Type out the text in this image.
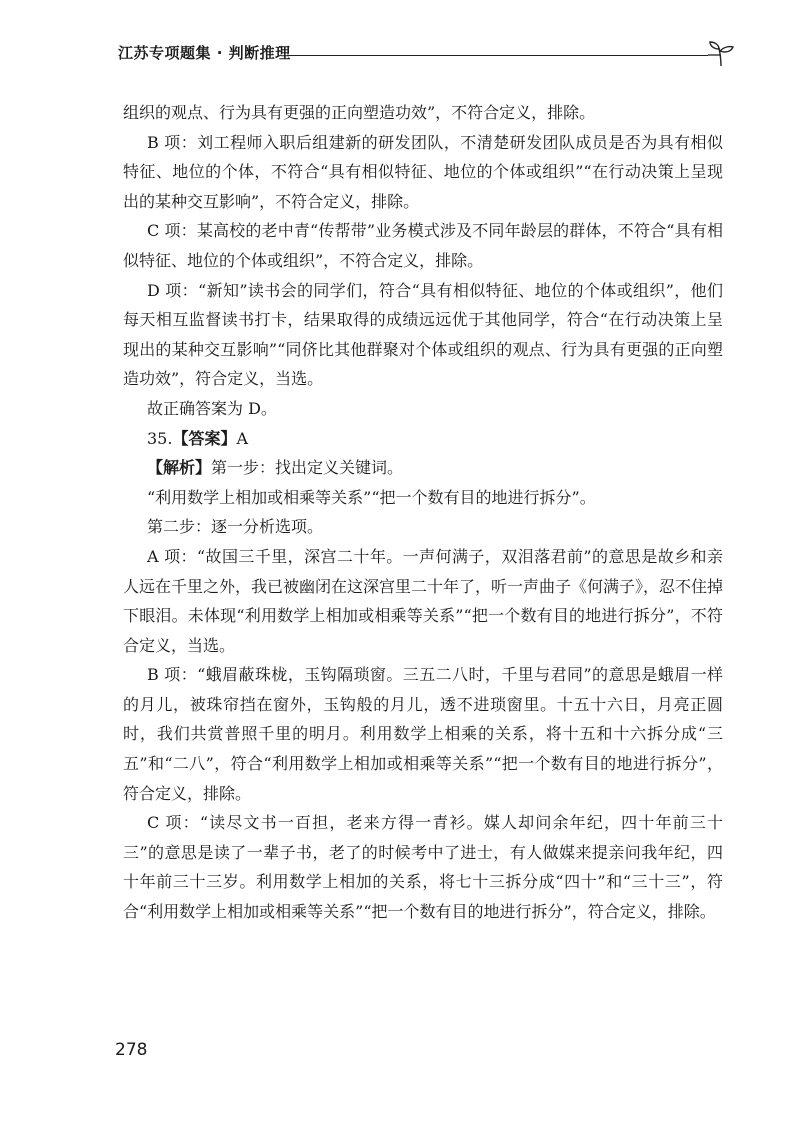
江苏专项题集 · 判断推理

组织的观点、行为具有更强的正向塑造功效”，不符合定义，排除。

B 项：刘工程师入职后组建新的研发团队，不清楚研发团队成员是否为具有相似特征、地位的个体，不符合“具有相似特征、地位的个体或组织”“在行动决策上呈现出的某种交互影响”，不符合定义，排除。

C 项：某高校的老中青“传帮带”业务模式涉及不同年龄层的群体，不符合“具有相似特征、地位的个体或组织”，不符合定义，排除。

D 项：“新知”读书会的同学们，符合“具有相似特征、地位的个体或组织”，他们每天相互监督读书打卡，结果取得的成绩远远优于其他同学，符合“在行动决策上呈现出的某种交互影响”“同侪比其他群聚对个体或组织的观点、行为具有更强的正向塑造功效”，符合定义，当选。

故正确答案为 D。

35.【答案】A

【解析】第一步：找出定义关键词。

“利用数学上相加或相乘等关系”“把一个数有目的地进行拆分”。

第二步：逐一分析选项。

A 项：“故国三千里，深宫二十年。一声何满子，双泪落君前”的意思是故乡和亲人远在千里之外，我已被幽闭在这深宫里二十年了，听一声曲子《何满子》，忍不住掉下眼泪。未体现“利用数学上相加或相乘等关系”“把一个数有目的地进行拆分”，不符合定义，当选。

B 项：“蛾眉蔽珠栊，玉钩隔琐窗。三五二八时，千里与君同”的意思是蛾眉一样的月儿，被珠帘挡在窗外，玉钩般的月儿，透不进琐窗里。十五十六日，月亮正圆时，我们共赏普照千里的明月。利用数学上相乘的关系，将十五和十六拆分成“三五”和“二八”，符合“利用数学上相加或相乘等关系”“把一个数有目的地进行拆分”，符合定义，排除。

C 项：“读尽文书一百担，老来方得一青衫。媒人却问余年纪，四十年前三十三”的意思是读了一辈子书，老了的时候考中了进士，有人做媒来提亲问我年纪，四十年前三十三岁。利用数学上相加的关系，将七十三拆分成“四十”和“三十三”，符合“利用数学上相加或相乘等关系”“把一个数有目的地进行拆分”，符合定义，排除。

278
